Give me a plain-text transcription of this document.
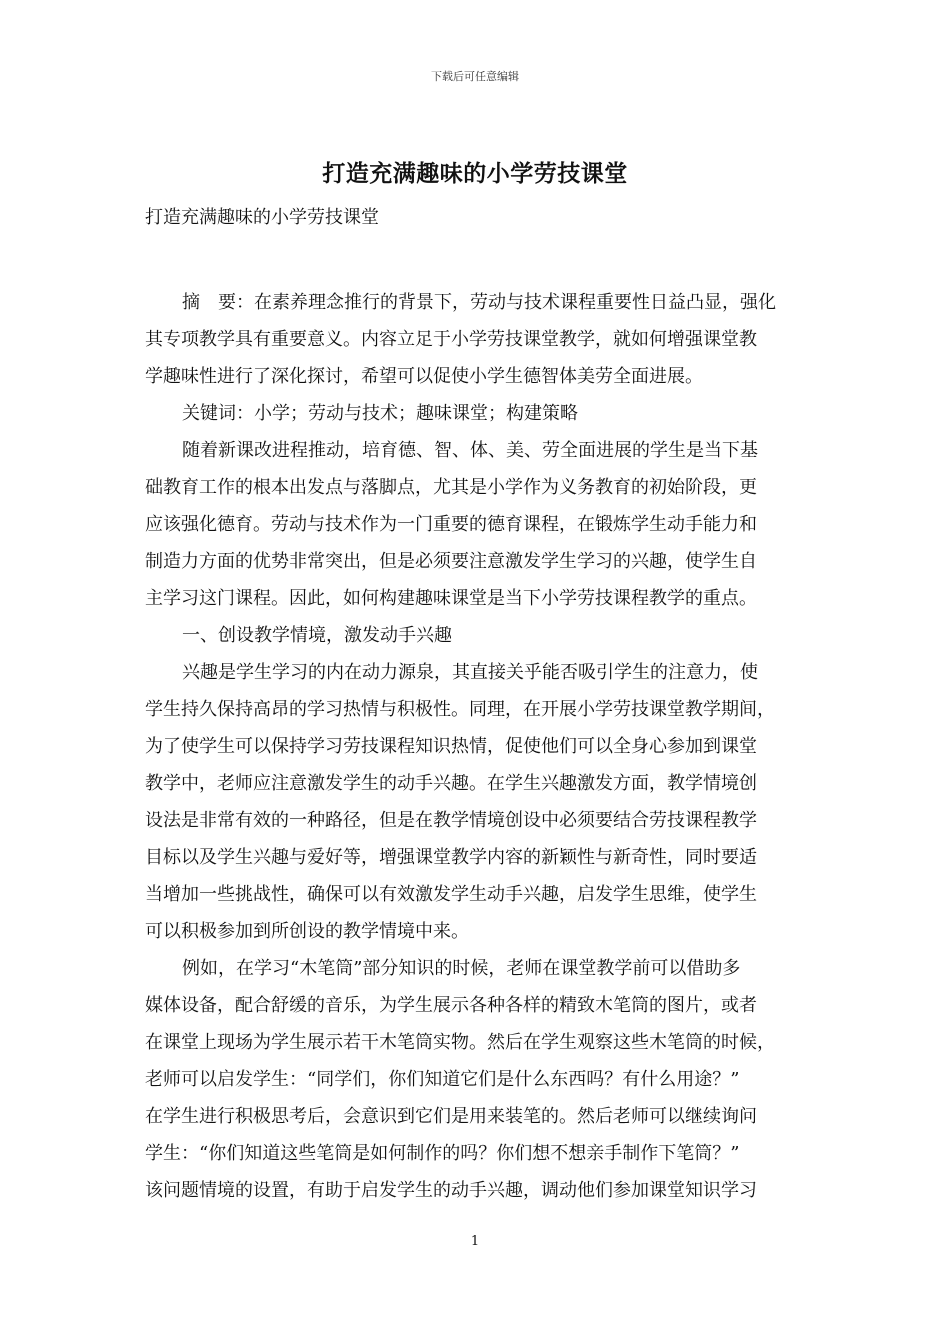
下载后可任意编辑
打造充满趣味的小学劳技课堂
打造充满趣味的小学劳技课堂
摘　要：在素养理念推行的背景下，劳动与技术课程重要性日益凸显，强化
其专项教学具有重要意义。内容立足于小学劳技课堂教学，就如何增强课堂教
学趣味性进行了深化探讨，希望可以促使小学生德智体美劳全面进展。
关键词：小学；劳动与技术；趣味课堂；构建策略
随着新课改进程推动，培育德、智、体、美、劳全面进展的学生是当下基
础教育工作的根本出发点与落脚点，尤其是小学作为义务教育的初始阶段，更
应该强化德育。劳动与技术作为一门重要的德育课程，在锻炼学生动手能力和
制造力方面的优势非常突出，但是必须要注意激发学生学习的兴趣，使学生自
主学习这门课程。因此，如何构建趣味课堂是当下小学劳技课程教学的重点。
一、创设教学情境，激发动手兴趣
兴趣是学生学习的内在动力源泉，其直接关乎能否吸引学生的注意力，使
学生持久保持高昂的学习热情与积极性。同理，在开展小学劳技课堂教学期间，
为了使学生可以保持学习劳技课程知识热情，促使他们可以全身心参加到课堂
教学中，老师应注意激发学生的动手兴趣。在学生兴趣激发方面，教学情境创
设法是非常有效的一种路径，但是在教学情境创设中必须要结合劳技课程教学
目标以及学生兴趣与爱好等，增强课堂教学内容的新颖性与新奇性，同时要适
当增加一些挑战性，确保可以有效激发学生动手兴趣，启发学生思维，使学生
可以积极参加到所创设的教学情境中来。
例如，在学习“木笔筒”部分知识的时候，老师在课堂教学前可以借助多
媒体设备，配合舒缓的音乐，为学生展示各种各样的精致木笔筒的图片，或者
在课堂上现场为学生展示若干木笔筒实物。然后在学生观察这些木笔筒的时候，
老师可以启发学生：“同学们，你们知道它们是什么东西吗？有什么用途？”
在学生进行积极思考后，会意识到它们是用来装笔的。然后老师可以继续询问
学生：“你们知道这些笔筒是如何制作的吗？你们想不想亲手制作下笔筒？”
该问题情境的设置，有助于启发学生的动手兴趣，调动他们参加课堂知识学习
1
